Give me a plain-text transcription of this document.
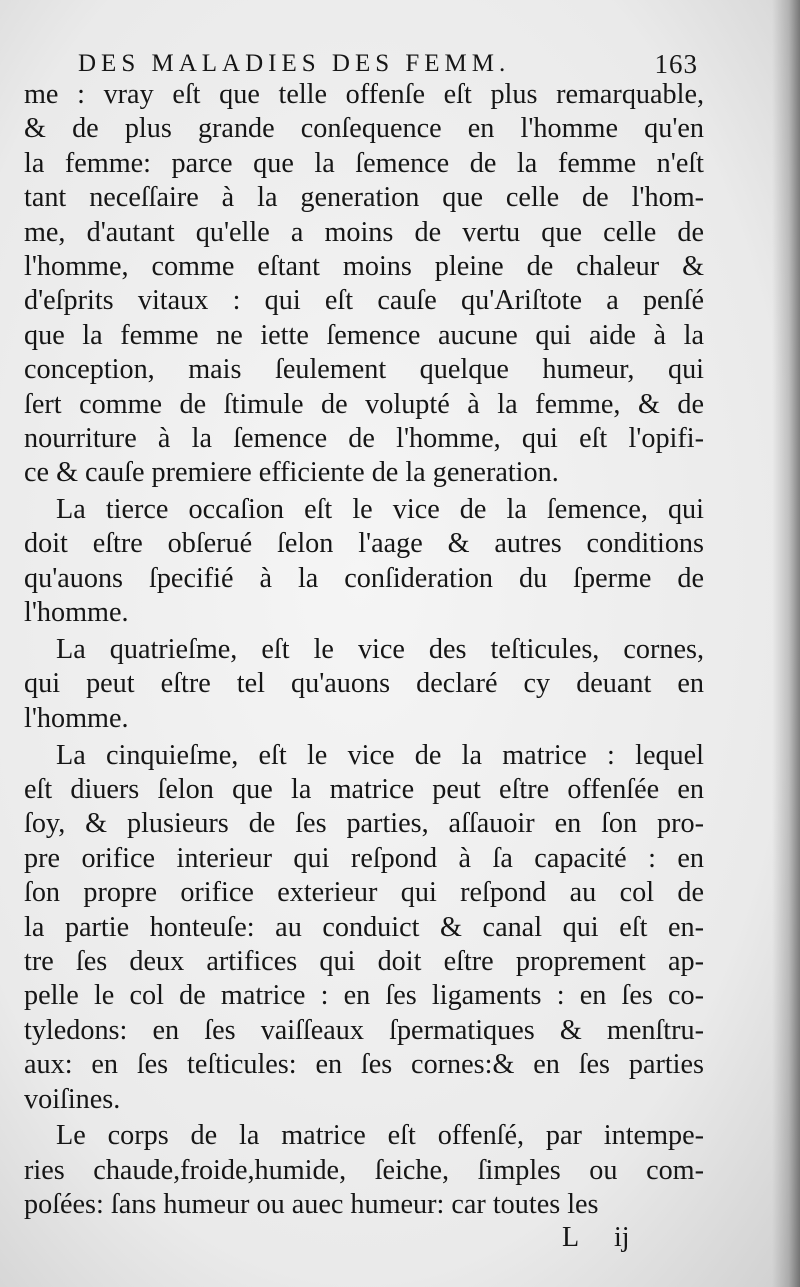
DES MALADIES DES FEMM.	163
me : vray eſt que telle offenſe eſt plus remarquable,
& de plus grande conſequence en l'homme qu'en
la femme: parce que la ſemence de la femme n'eſt
tant neceſſaire à la generation que celle de l'hom-
me, d'autant qu'elle a moins de vertu que celle de
l'homme, comme eſtant moins pleine de chaleur &
d'eſprits vitaux : qui eſt cauſe qu'Ariſtote a penſé
que la femme ne iette ſemence aucune qui aide à la
conception, mais ſeulement quelque humeur, qui
ſert comme de ſtimule de volupté à la femme, & de
nourriture à la ſemence de l'homme, qui eſt l'opifi-
ce & cauſe premiere efficiente de la generation.
La tierce occaſion eſt le vice de la ſemence, qui
doit eſtre obſerué ſelon l'aage & autres conditions
qu'auons ſpecifié à la conſideration du ſperme de
l'homme.
La quatrieſme, eſt le vice des teſticules, cornes,
qui peut eſtre tel qu'auons declaré cy deuant en
l'homme.
La cinquieſme, eſt le vice de la matrice : lequel
eſt diuers ſelon que la matrice peut eſtre offenſée en
ſoy, & plusieurs de ſes parties, aſſauoir en ſon pro-
pre orifice interieur qui reſpond à ſa capacité : en
ſon propre orifice exterieur qui reſpond au col de
la partie honteuſe: au conduict & canal qui eſt en-
tre ſes deux artifices qui doit eſtre proprement ap-
pelle le col de matrice : en ſes ligaments : en ſes co-
tyledons: en ſes vaiſſeaux ſpermatiques & menſtru-
aux: en ſes teſticules: en ſes cornes:& en ſes parties
voiſines.
Le corps de la matrice eſt offenſé, par intempe-
ries chaude,froide,humide, ſeiche, ſimples ou com-
poſées: ſans humeur ou auec humeur: car toutes les
L ij
